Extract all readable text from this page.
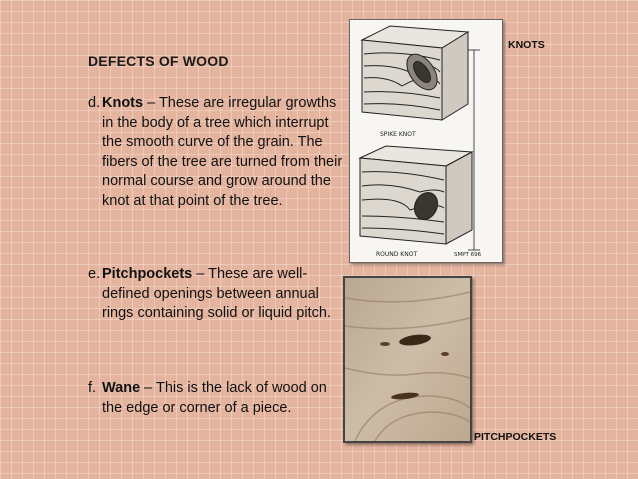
DEFECTS OF WOOD
d. Knots – These are irregular growths in the body of a tree which interrupt the smooth curve of the grain. The fibers of the tree are turned from their normal course and grow around the knot at that point of the tree.
e. Pitchpockets – These are well-defined openings between annual rings containing solid or liquid pitch.
f. Wane – This is the lack of wood on the edge or corner of a piece.
SPIKE KNOT
ROUND KNOT	SMPT 696
KNOTS
PITCHPOCKETS
